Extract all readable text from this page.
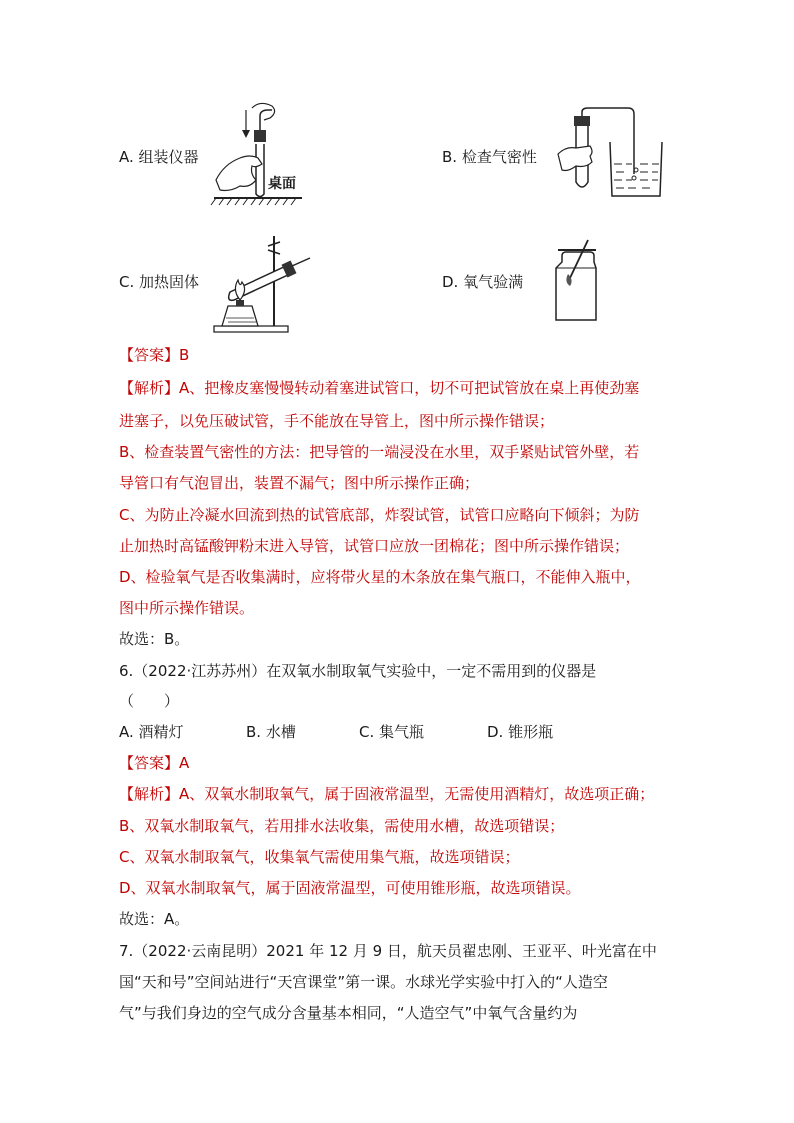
A. 组装仪器
桌面
B. 检查气密性
C. 加热固体	D. 氧气验满
【答案】B
【解析】A、把橡皮塞慢慢转动着塞进试管口，切不可把试管放在桌上再使劲塞
进塞子，以免压破试管，手不能放在导管上，图中所示操作错误；
B、检查装置气密性的方法：把导管的一端浸没在水里，双手紧贴试管外壁，若
导管口有气泡冒出，装置不漏气；图中所示操作正确；
C、为防止冷凝水回流到热的试管底部，炸裂试管，试管口应略向下倾斜；为防
止加热时高锰酸钾粉末进入导管，试管口应放一团棉花；图中所示操作错误；
D、检验氧气是否收集满时，应将带火星的木条放在集气瓶口，不能伸入瓶中，
图中所示操作错误。
故选：B。
6.（2022·江苏苏州）在双氧水制取氧气实验中，一定不需用到的仪器是
（　　）
A. 酒精灯	B. 水槽	C. 集气瓶	D. 锥形瓶
【答案】A
【解析】A、双氧水制取氧气，属于固液常温型，无需使用酒精灯，故选项正确；
B、双氧水制取氧气，若用排水法收集，需使用水槽，故选项错误；
C、双氧水制取氧气，收集氧气需使用集气瓶，故选项错误；
D、双氧水制取氧气，属于固液常温型，可使用锥形瓶，故选项错误。
故选：A。
7.（2022·云南昆明）2021 年 12 月 9 日，航天员翟忠刚、王亚平、叶光富在中
国“天和号”空间站进行“天宫课堂”第一课。水球光学实验中打入的“人造空
气”与我们身边的空气成分含量基本相同，“人造空气”中氧气含量约为
